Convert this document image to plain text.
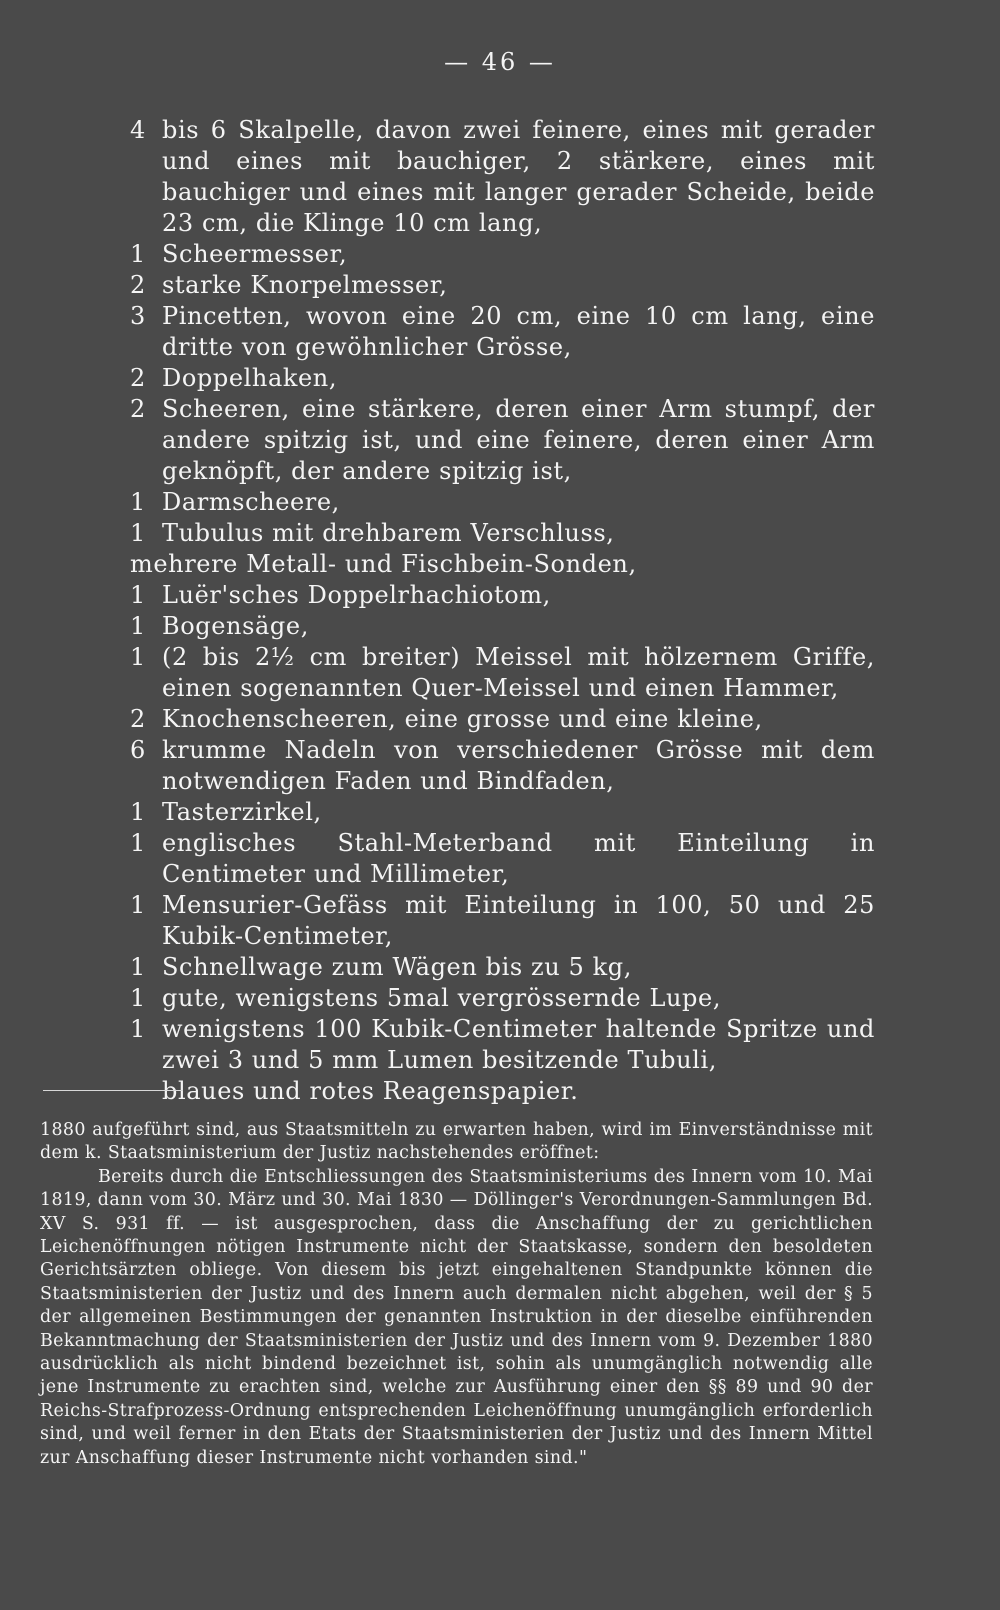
— 46 —
4 bis 6 Skalpelle, davon zwei feinere, eines mit gerader und eines mit bauchiger, 2 stärkere, eines mit bauchiger und eines mit langer gerader Scheide, beide 23 cm, die Klinge 10 cm lang,
1 Scheermesser,
2 starke Knorpelmesser,
3 Pincetten, wovon eine 20 cm, eine 10 cm lang, eine dritte von gewöhnlicher Grösse,
2 Doppelhaken,
2 Scheeren, eine stärkere, deren einer Arm stumpf, der andere spitzig ist, und eine feinere, deren einer Arm geknöpft, der andere spitzig ist,
1 Darmscheere,
1 Tubulus mit drehbarem Verschluss,
mehrere Metall- und Fischbein-Sonden,
1 Luër'sches Doppelrhachiotom,
1 Bogensäge,
1 (2 bis 2½ cm breiter) Meissel mit hölzernem Griffe, einen sogenannten Quer-Meissel und einen Hammer,
2 Knochenscheeren, eine grosse und eine kleine,
6 krumme Nadeln von verschiedener Grösse mit dem notwendigen Faden und Bindfaden,
1 Tasterzirkel,
1 englisches Stahl-Meterband mit Einteilung in Centimeter und Millimeter,
1 Mensurier-Gefäss mit Einteilung in 100, 50 und 25 Kubik-Centimeter,
1 Schnellwage zum Wägen bis zu 5 kg,
1 gute, wenigstens 5mal vergrössernde Lupe,
1 wenigstens 100 Kubik-Centimeter haltende Spritze und zwei 3 und 5 mm Lumen besitzende Tubuli,
blaues und rotes Reagenspapier.

1880 aufgeführt sind, aus Staatsmitteln zu erwarten haben, wird im Einverständnisse mit dem k. Staatsministerium der Justiz nachstehendes eröffnet:

Bereits durch die Entschliessungen des Staatsministeriums des Innern vom 10. Mai 1819, dann vom 30. März und 30. Mai 1830 — Döllinger's Verordnungen-Sammlungen Bd. XV S. 931 ff. — ist ausgesprochen, dass die Anschaffung der zu gerichtlichen Leichenöffnungen nötigen Instrumente nicht der Staatskasse, sondern den besoldeten Gerichtsärzten obliege. Von diesem bis jetzt eingehaltenen Standpunkte können die Staatsministerien der Justiz und des Innern auch dermalen nicht abgehen, weil der § 5 der allgemeinen Bestimmungen der genannten Instruktion in der dieselbe einführenden Bekanntmachung der Staatsministerien der Justiz und des Innern vom 9. Dezember 1880 ausdrücklich als nicht bindend bezeichnet ist, sohin als unumgänglich notwendig alle jene Instrumente zu erachten sind, welche zur Ausführung einer den §§ 89 und 90 der Reichs-Strafprozess-Ordnung entsprechenden Leichenöffnung unumgänglich erforderlich sind, und weil ferner in den Etats der Staatsministerien der Justiz und des Innern Mittel zur Anschaffung dieser Instrumente nicht vorhanden sind."
